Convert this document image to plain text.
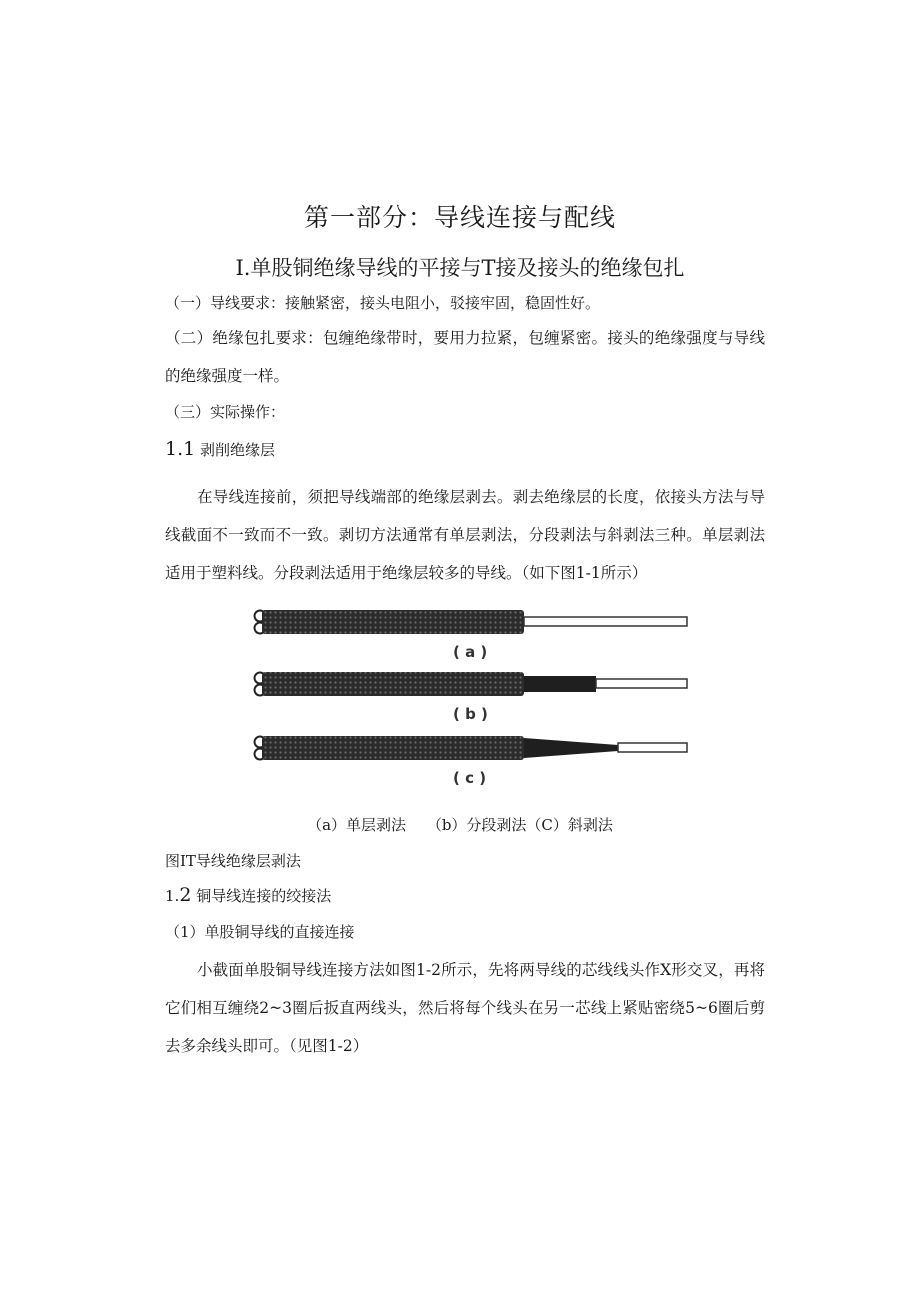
第一部分：导线连接与配线
I.单股铜绝缘导线的平接与T接及接头的绝缘包扎
（一）导线要求：接触紧密，接头电阻小，驳接牢固，稳固性好。
（二）绝缘包扎要求：包缠绝缘带时，要用力拉紧，包缠紧密。接头的绝缘强度与导线的绝缘强度一样。
（三）实际操作：
1.1 剥削绝缘层
在导线连接前，须把导线端部的绝缘层剥去。剥去绝缘层的长度，依接头方法与导线截面不一致而不一致。剥切方法通常有单层剥法，分段剥法与斜剥法三种。单层剥法适用于塑料线。分段剥法适用于绝缘层较多的导线。（如下图1-1所示）
( a )
( b )
( c )
（a）单层剥法 （b）分段剥法（C）斜剥法
图IT导线绝缘层剥法
1.2 铜导线连接的绞接法
（1）单股铜导线的直接连接
小截面单股铜导线连接方法如图1-2所示，先将两导线的芯线线头作X形交叉，再将它们相互缠绕2~3圈后扳直两线头，然后将每个线头在另一芯线上紧贴密绕5~6圈后剪去多余线头即可。（见图1-2）
